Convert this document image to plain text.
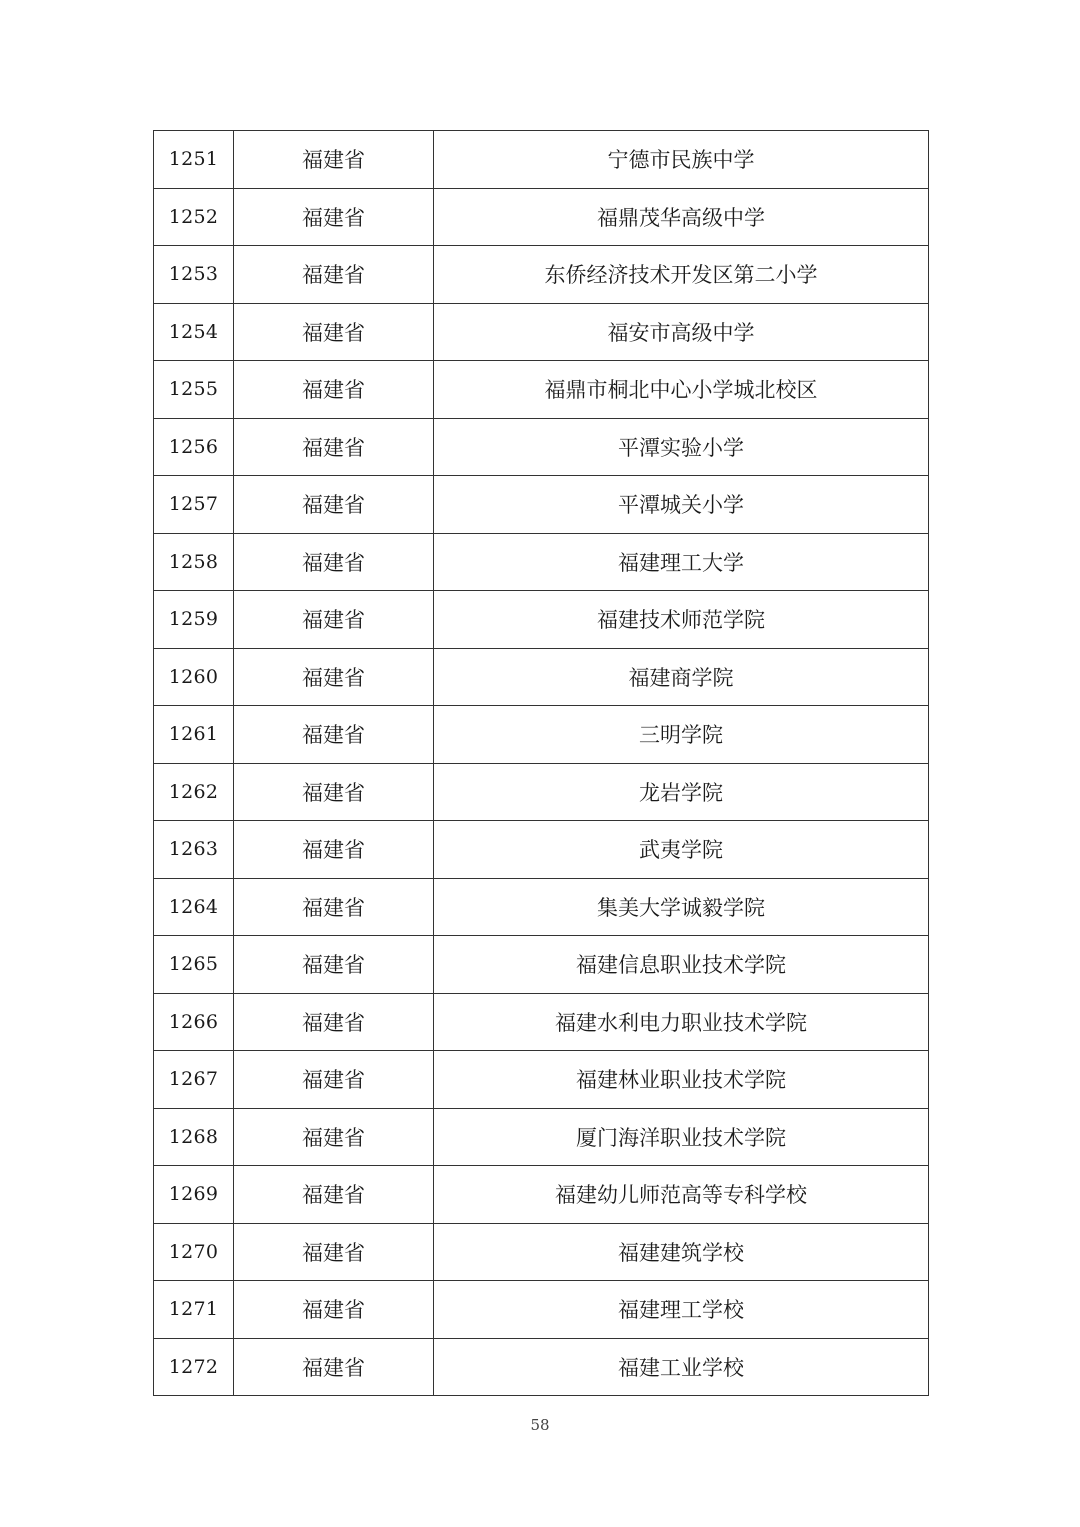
1251	福建省	宁德市民族中学
1252	福建省	福鼎茂华高级中学
1253	福建省	东侨经济技术开发区第二小学
1254	福建省	福安市高级中学
1255	福建省	福鼎市桐北中心小学城北校区
1256	福建省	平潭实验小学
1257	福建省	平潭城关小学
1258	福建省	福建理工大学
1259	福建省	福建技术师范学院
1260	福建省	福建商学院
1261	福建省	三明学院
1262	福建省	龙岩学院
1263	福建省	武夷学院
1264	福建省	集美大学诚毅学院
1265	福建省	福建信息职业技术学院
1266	福建省	福建水利电力职业技术学院
1267	福建省	福建林业职业技术学院
1268	福建省	厦门海洋职业技术学院
1269	福建省	福建幼儿师范高等专科学校
1270	福建省	福建建筑学校
1271	福建省	福建理工学校
1272	福建省	福建工业学校
58
